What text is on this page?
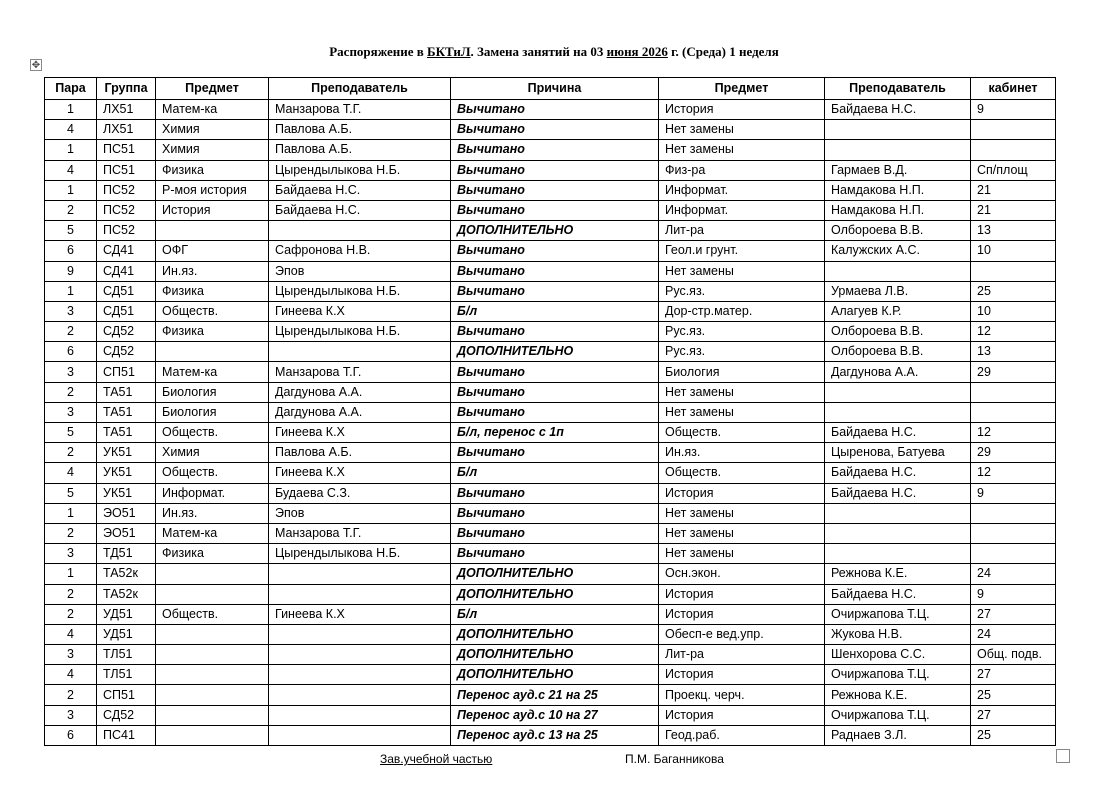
Распоряжение в БКТиЛ. Замена занятий на 03 июня 2026 г. (Среда) 1 неделя
✥
Пара	Группа	Предмет	Преподаватель	Причина	Предмет	Преподаватель	кабинет
1	ЛХ51	Матем-ка	Манзарова Т.Г.	Вычитано	История	Байдаева Н.С.	9
4	ЛХ51	Химия	Павлова А.Б.	Вычитано	Нет замены		
1	ПС51	Химия	Павлова А.Б.	Вычитано	Нет замены		
4	ПС51	Физика	Цырендылыкова Н.Б.	Вычитано	Физ-ра	Гармаев В.Д.	Сп/площ
1	ПС52	Р-моя история	Байдаева Н.С.	Вычитано	Информат.	Намдакова Н.П.	21
2	ПС52	История	Байдаева Н.С.	Вычитано	Информат.	Намдакова Н.П.	21
5	ПС52			ДОПОЛНИТЕЛЬНО	Лит-ра	Олбороева В.В.	13
6	СД41	ОФГ	Сафронова Н.В.	Вычитано	Геол.и грунт.	Калужских А.С.	10
9	СД41	Ин.яз.	Эпов	Вычитано	Нет замены		
1	СД51	Физика	Цырендылыкова Н.Б.	Вычитано	Рус.яз.	Урмаева Л.В.	25
3	СД51	Обществ.	Гинеева К.Х	Б/л	Дор-стр.матер.	Алагуев К.Р.	10
2	СД52	Физика	Цырендылыкова Н.Б.	Вычитано	Рус.яз.	Олбороева В.В.	12
6	СД52			ДОПОЛНИТЕЛЬНО	Рус.яз.	Олбороева В.В.	13
3	СП51	Матем-ка	Манзарова Т.Г.	Вычитано	Биология	Дагдунова А.А.	29
2	ТА51	Биология	Дагдунова А.А.	Вычитано	Нет замены		
3	ТА51	Биология	Дагдунова А.А.	Вычитано	Нет замены		
5	ТА51	Обществ.	Гинеева К.Х	Б/л, перенос с 1п	Обществ.	Байдаева Н.С.	12
2	УК51	Химия	Павлова А.Б.	Вычитано	Ин.яз.	Цыренова, Батуева	29
4	УК51	Обществ.	Гинеева К.Х	Б/л	Обществ.	Байдаева Н.С.	12
5	УК51	Информат.	Будаева С.З.	Вычитано	История	Байдаева Н.С.	9
1	ЭО51	Ин.яз.	Эпов	Вычитано	Нет замены		
2	ЭО51	Матем-ка	Манзарова Т.Г.	Вычитано	Нет замены		
3	ТД51	Физика	Цырендылыкова Н.Б.	Вычитано	Нет замены		
1	ТА52к			ДОПОЛНИТЕЛЬНО	Осн.экон.	Режнова К.Е.	24
2	ТА52к			ДОПОЛНИТЕЛЬНО	История	Байдаева Н.С.	9
2	УД51	Обществ.	Гинеева К.Х	Б/л	История	Очиржапова Т.Ц.	27
4	УД51			ДОПОЛНИТЕЛЬНО	Обесп-е вед.упр.	Жукова Н.В.	24
3	ТЛ51			ДОПОЛНИТЕЛЬНО	Лит-ра	Шенхорова С.С.	Общ. подв.
4	ТЛ51			ДОПОЛНИТЕЛЬНО	История	Очиржапова Т.Ц.	27
2	СП51			Перенос ауд.с 21 на 25	Проекц. черч.	Режнова К.Е.	25
3	СД52			Перенос ауд.с 10 на 27	История	Очиржапова Т.Ц.	27
6	ПС41			Перенос ауд.с 13 на 25	Геод.раб.	Раднаев З.Л.	25
Зав.учебной частью	П.М. Баганникова
